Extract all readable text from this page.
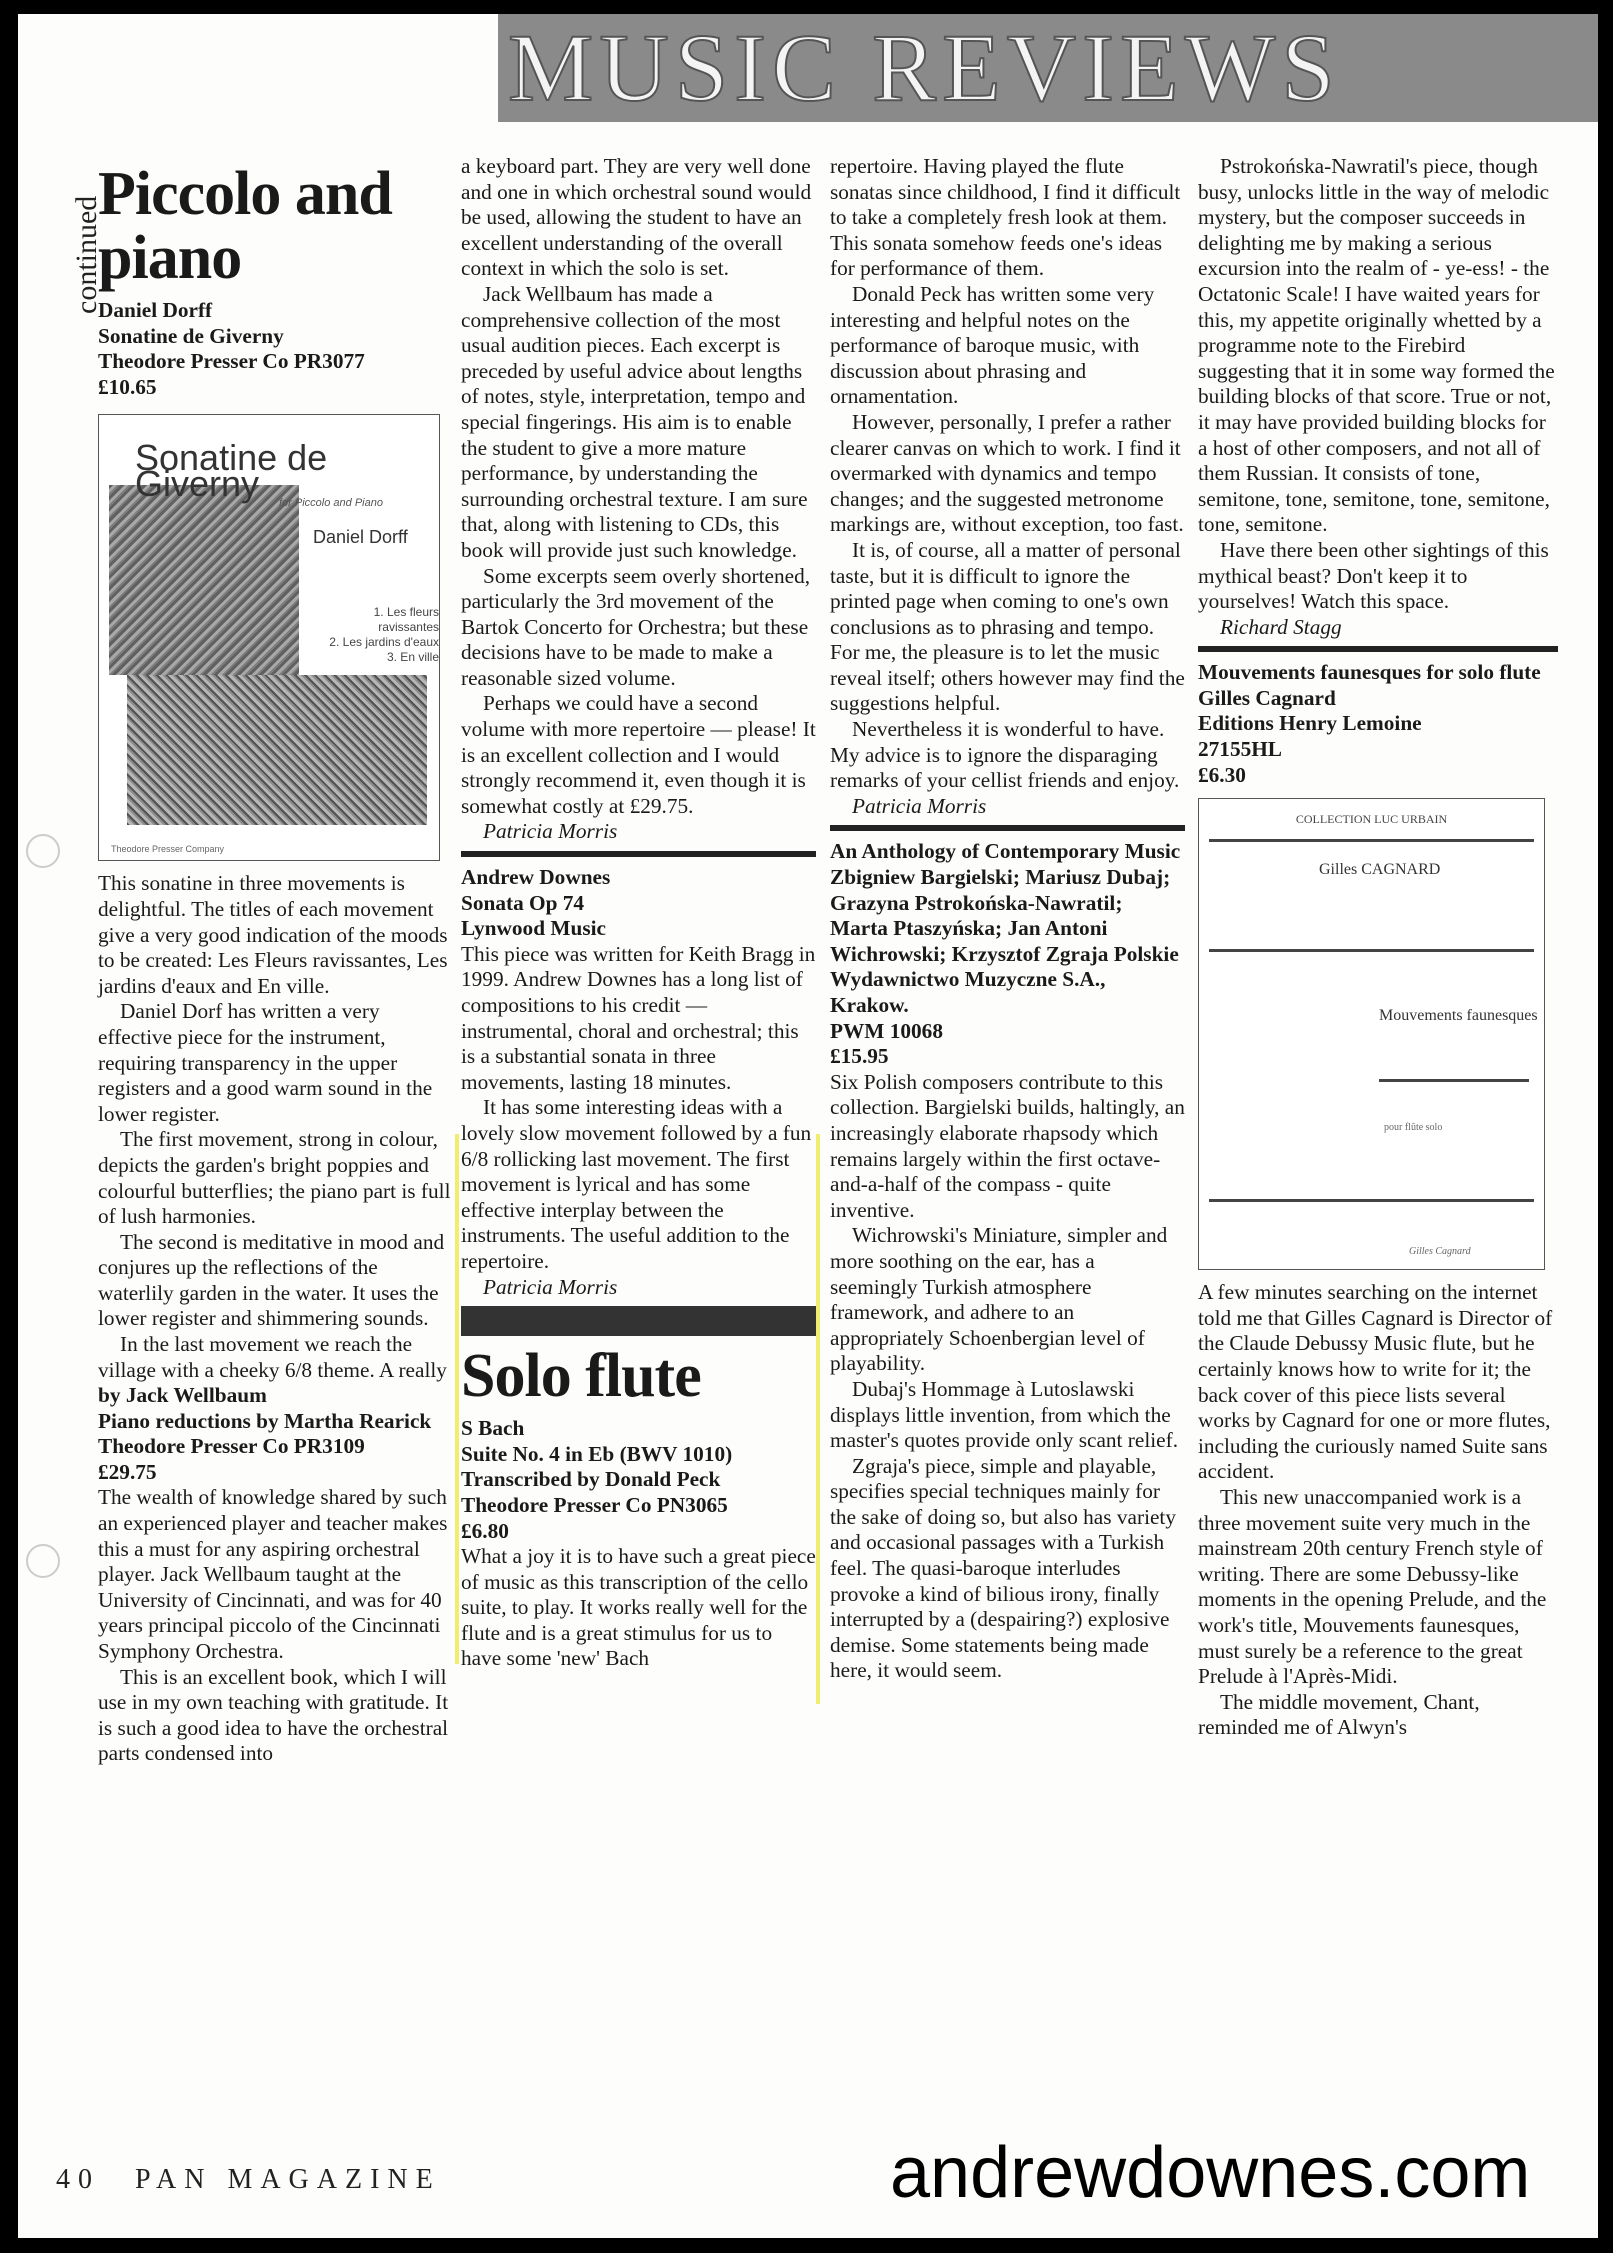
MUSIC REVIEWS
continued
Piccolo and piano

Daniel Dorff

Sonatine de Giverny

Theodore Presser Co PR3077

£10.65

Sonatine de Giverny	for Piccolo and Piano
Daniel Dorff
1. Les fleurs ravissantes
2. Les jardins d'eaux
3. En ville
Theodore Presser Company

This sonatine in three movements is delightful. The titles of each movement give a very good indication of the moods to be created: Les Fleurs ravissantes, Les jardins d'eaux and En ville.

Daniel Dorf has written a very effective piece for the instrument, requiring transparency in the upper registers and a good warm sound in the lower register.

The first movement, strong in colour, depicts the garden's bright poppies and colourful butterflies; the piano part is full of lush harmonies.

The second is meditative in mood and conjures up the reflections of the waterlily garden in the water. It uses the lower register and shimmering sounds.

In the last movement we reach the village with a cheeky 6/8 theme. A really

by Jack Wellbaum

Piano reductions by Martha Rearick

Theodore Presser Co PR3109

£29.75

The wealth of knowledge shared by such an experienced player and teacher makes this a must for any aspiring orchestral player. Jack Wellbaum taught at the University of Cincinnati, and was for 40 years principal piccolo of the Cincinnati Symphony Orchestra.

This is an excellent book, which I will use in my own teaching with gratitude. It is such a good idea to have the orchestral parts condensed into

a keyboard part. They are very well done and one in which orchestral sound would be used, allowing the student to have an excellent understanding of the overall context in which the solo is set.

Jack Wellbaum has made a comprehensive collection of the most usual audition pieces. Each excerpt is preceded by useful advice about lengths of notes, style, interpretation, tempo and special fingerings. His aim is to enable the student to give a more mature performance, by understanding the surrounding orchestral texture. I am sure that, along with listening to CDs, this book will provide just such knowledge.

Some excerpts seem overly shortened, particularly the 3rd movement of the Bartok Concerto for Orchestra; but these decisions have to be made to make a reasonable sized volume.

Perhaps we could have a second volume with more repertoire — please! It is an excellent collection and I would strongly recommend it, even though it is somewhat costly at £29.75.

Patricia Morris

Andrew Downes

Sonata Op 74

Lynwood Music

This piece was written for Keith Bragg in 1999. Andrew Downes has a long list of compositions to his credit — instrumental, choral and orchestral; this is a substantial sonata in three movements, lasting 18 minutes.

It has some interesting ideas with a lovely slow movement followed by a fun 6/8 rollicking last movement. The first movement is lyrical and has some effective interplay between the instruments. The useful addition to the repertoire.

Patricia Morris

Solo flute

S Bach

Suite No. 4 in Eb (BWV 1010)

Transcribed by Donald Peck

Theodore Presser Co PN3065

£6.80

What a joy it is to have such a great piece of music as this transcription of the cello suite, to play. It works really well for the flute and is a great stimulus for us to have some 'new' Bach

repertoire. Having played the flute sonatas since childhood, I find it difficult to take a completely fresh look at them. This sonata somehow feeds one's ideas for performance of them.

Donald Peck has written some very interesting and helpful notes on the performance of baroque music, with discussion about phrasing and ornamentation.

However, personally, I prefer a rather clearer canvas on which to work. I find it overmarked with dynamics and tempo changes; and the suggested metronome markings are, without exception, too fast.

It is, of course, all a matter of personal taste, but it is difficult to ignore the printed page when coming to one's own conclusions as to phrasing and tempo. For me, the pleasure is to let the music reveal itself; others however may find the suggestions helpful.

Nevertheless it is wonderful to have. My advice is to ignore the disparaging remarks of your cellist friends and enjoy.

Patricia Morris

An Anthology of Contemporary Music

Zbigniew Bargielski; Mariusz Dubaj; Grazyna Pstrokońska-Nawratil; Marta Ptaszyńska; Jan Antoni Wichrowski; Krzysztof Zgraja Polskie Wydawnictwo Muzyczne S.A., Krakow.

PWM 10068

£15.95

Six Polish composers contribute to this collection. Bargielski builds, haltingly, an increasingly elaborate rhapsody which remains largely within the first octave-and-a-half of the compass - quite inventive.

Wichrowski's Miniature, simpler and more soothing on the ear, has a seemingly Turkish atmosphere framework, and adhere to an appropriately Schoenbergian level of playability.

Dubaj's Hommage à Lutoslawski displays little invention, from which the master's quotes provide only scant relief.

Zgraja's piece, simple and playable, specifies special techniques mainly for the sake of doing so, but also has variety and occasional passages with a Turkish feel. The quasi-baroque interludes provoke a kind of bilious irony, finally interrupted by a (despairing?) explosive demise. Some statements being made here, it would seem.

Pstrokońska-Nawratil's piece, though busy, unlocks little in the way of melodic mystery, but the composer succeeds in delighting me by making a serious excursion into the realm of - ye-ess! - the Octatonic Scale! I have waited years for this, my appetite originally whetted by a programme note to the Firebird suggesting that it in some way formed the building blocks of that score. True or not, it may have provided building blocks for a host of other composers, and not all of them Russian. It consists of tone, semitone, tone, semitone, tone, semitone, tone, semitone.

Have there been other sightings of this mythical beast? Don't keep it to yourselves! Watch this space.

Richard Stagg

Mouvements faunesques for solo flute

Gilles Cagnard

Editions Henry Lemoine

27155HL

£6.30

COLLECTION LUC URBAIN
Gilles CAGNARD
Mouvements faunesques
pour flûte solo
Gilles Cagnard

A few minutes searching on the internet told me that Gilles Cagnard is Director of the Claude Debussy Music flute, but he certainly knows how to write for it; the back cover of this piece lists several works by Cagnard for one or more flutes, including the curiously named Suite sans accident.

This new unaccompanied work is a three movement suite very much in the mainstream 20th century French style of writing. There are some Debussy-like moments in the opening Prelude, and the work's title, Mouvements faunesques, must surely be a reference to the great Prelude à l'Après-Midi.

The middle movement, Chant, reminded me of Alwyn's

40 PAN MAGAZINE	andrewdownes.com
